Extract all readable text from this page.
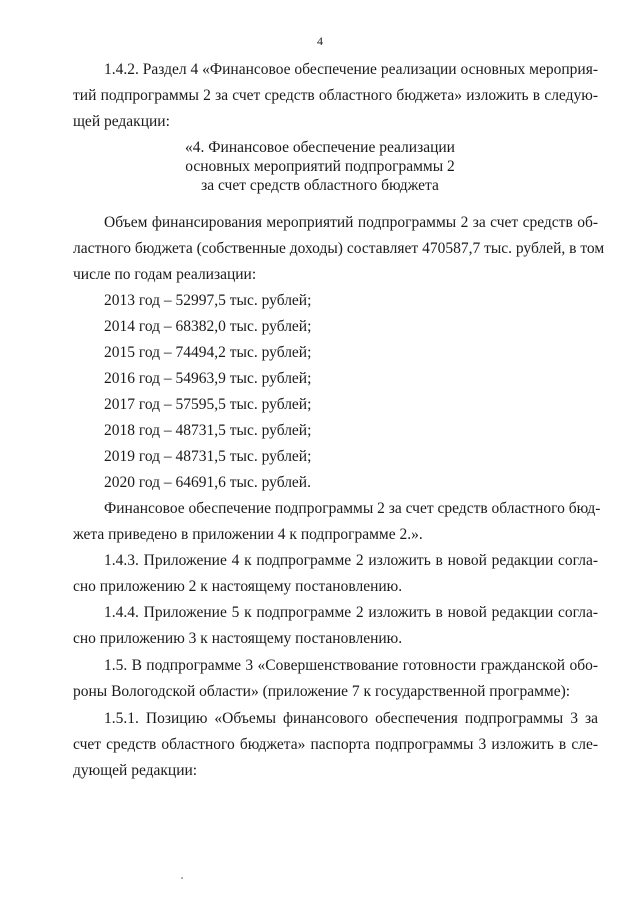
4

1.4.2. Раздел 4 «Финансовое обеспечение реализации основных мероприя-

тий подпрограммы 2 за счет средств областного бюджета» изложить в следую-

щей редакции:

«4. Финансовое обеспечение реализации

основных мероприятий подпрограммы 2

за счет средств областного бюджета

Объем финансирования мероприятий подпрограммы 2 за счет средств об-

ластного бюджета (собственные доходы) составляет 470587,7 тыс. рублей, в том

числе по годам реализации:

2013 год – 52997,5 тыс. рублей;

2014 год – 68382,0 тыс. рублей;

2015 год – 74494,2 тыс. рублей;

2016 год – 54963,9 тыс. рублей;

2017 год – 57595,5 тыс. рублей;

2018 год – 48731,5 тыс. рублей;

2019 год – 48731,5 тыс. рублей;

2020 год – 64691,6 тыс. рублей.

Финансовое обеспечение подпрограммы 2 за счет средств областного бюд-

жета приведено в приложении 4 к подпрограмме 2.».

1.4.3. Приложение 4 к подпрограмме 2 изложить в новой редакции согла-

сно приложению 2 к настоящему постановлению.

1.4.4. Приложение 5 к подпрограмме 2 изложить в новой редакции согла-

сно приложению 3 к настоящему постановлению.

1.5. В подпрограмме 3 «Совершенствование готовности гражданской обо-

роны Вологодской области» (приложение 7 к государственной программе):

1.5.1. Позицию «Объемы финансового обеспечения подпрограммы 3 за

счет средств областного бюджета» паспорта подпрограммы 3 изложить в сле-

дующей редакции:
